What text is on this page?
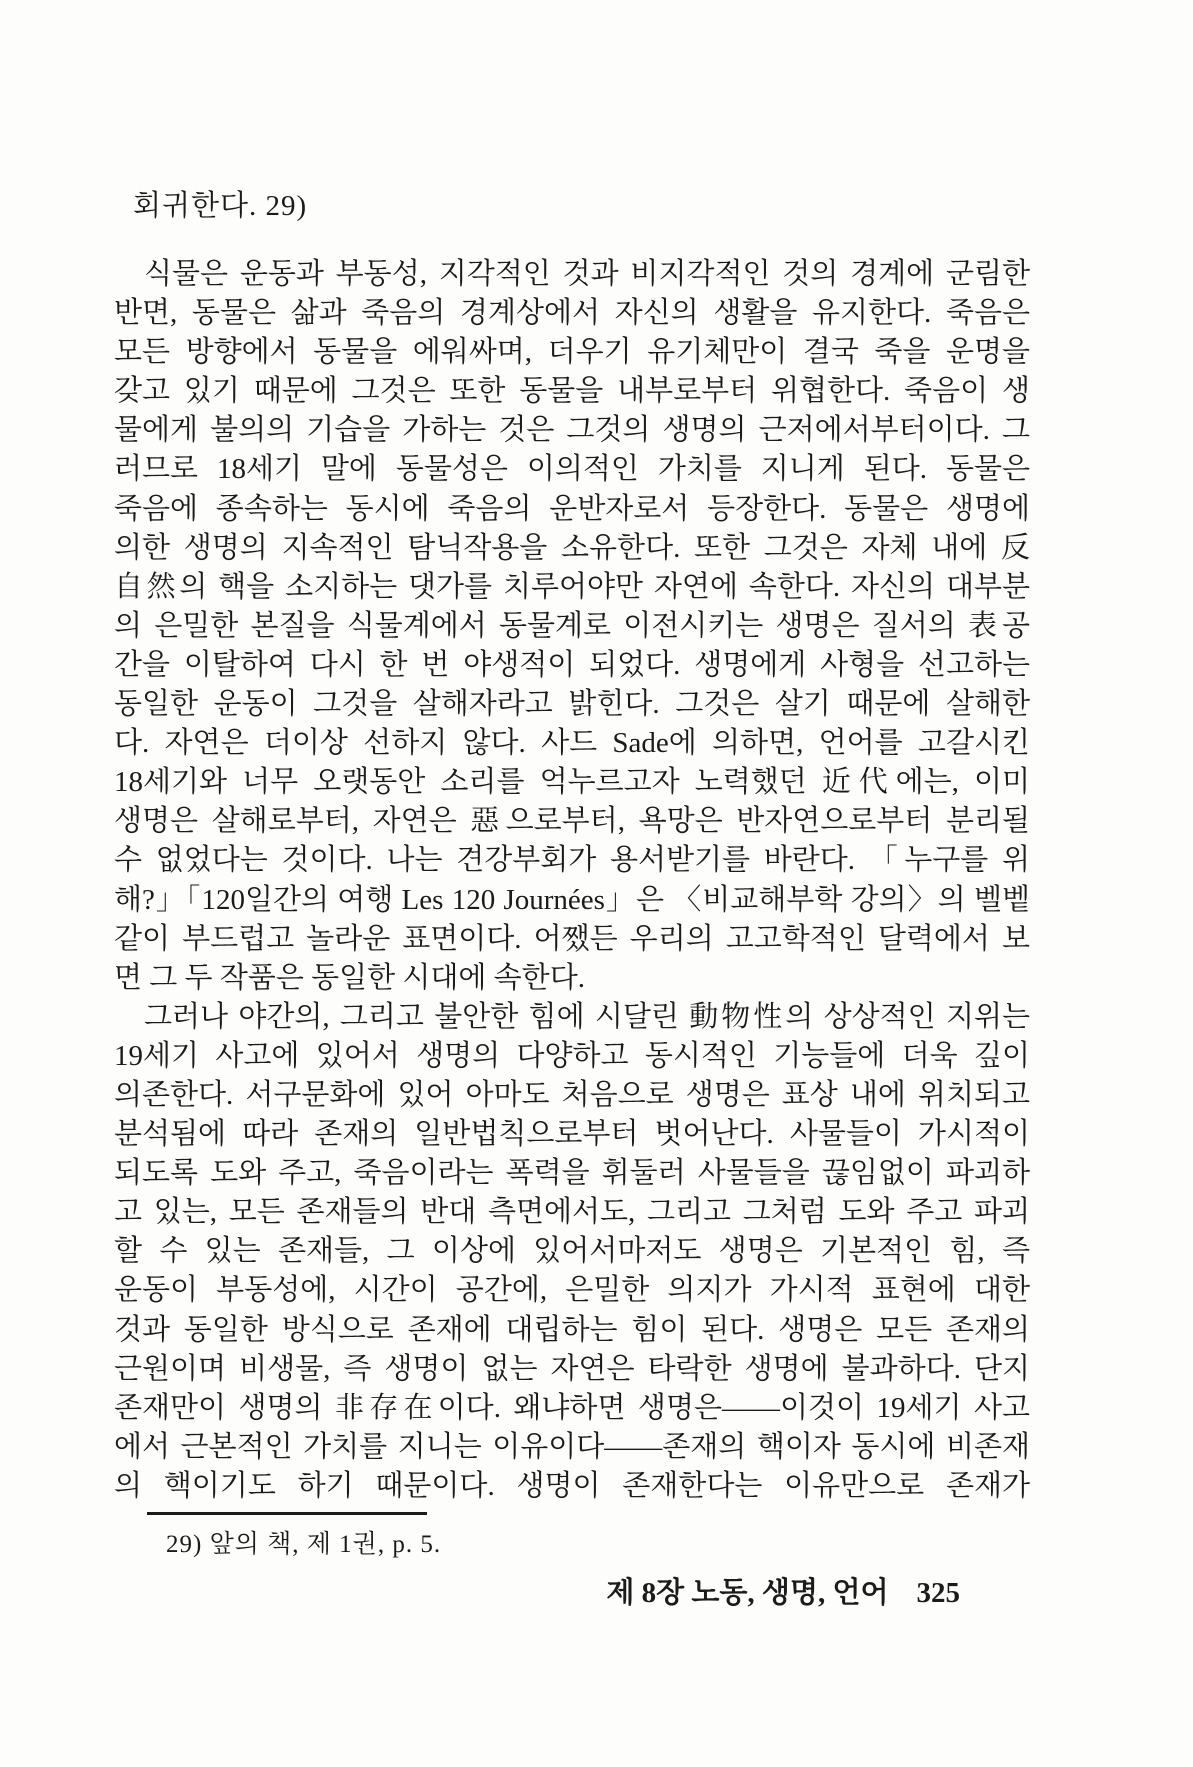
회귀한다. 29)
식물은 운동과 부동성, 지각적인 것과 비지각적인 것의 경계에 군림한
반면, 동물은 삶과 죽음의 경계상에서 자신의 생활을 유지한다. 죽음은
모든 방향에서 동물을 에워싸며, 더우기 유기체만이 결국 죽을 운명을
갖고 있기 때문에 그것은 또한 동물을 내부로부터 위협한다. 죽음이 생
물에게 불의의 기습을 가하는 것은 그것의 생명의 근저에서부터이다. 그
러므로 18세기 말에 동물성은 이의적인 가치를 지니게 된다. 동물은
죽음에 종속하는 동시에 죽음의 운반자로서 등장한다. 동물은 생명에
의한 생명의 지속적인 탐닉작용을 소유한다. 또한 그것은 자체 내에 反
自然의 핵을 소지하는 댓가를 치루어야만 자연에 속한다. 자신의 대부분
의 은밀한 본질을 식물계에서 동물계로 이전시키는 생명은 질서의 表공
간을 이탈하여 다시 한 번 야생적이 되었다. 생명에게 사형을 선고하는
동일한 운동이 그것을 살해자라고 밝힌다. 그것은 살기 때문에 살해한
다. 자연은 더이상 선하지 않다. 사드 Sade에 의하면, 언어를 고갈시킨
18세기와 너무 오랫동안 소리를 억누르고자 노력했던 近代에는, 이미
생명은 살해로부터, 자연은 惡으로부터, 욕망은 반자연으로부터 분리될
수 없었다는 것이다. 나는 견강부회가 용서받기를 바란다. 「누구를 위
해?」「120일간의 여행 Les 120 Journées」은 〈비교해부학 강의〉의 벨벹
같이 부드럽고 놀라운 표면이다. 어쨌든 우리의 고고학적인 달력에서 보
면 그 두 작품은 동일한 시대에 속한다.
그러나 야간의, 그리고 불안한 힘에 시달린 動物性의 상상적인 지위는
19세기 사고에 있어서 생명의 다양하고 동시적인 기능들에 더욱 깊이
의존한다. 서구문화에 있어 아마도 처음으로 생명은 표상 내에 위치되고
분석됨에 따라 존재의 일반법칙으로부터 벗어난다. 사물들이 가시적이
되도록 도와 주고, 죽음이라는 폭력을 휘둘러 사물들을 끊임없이 파괴하
고 있는, 모든 존재들의 반대 측면에서도, 그리고 그처럼 도와 주고 파괴
할 수 있는 존재들, 그 이상에 있어서마저도 생명은 기본적인 힘, 즉
운동이 부동성에, 시간이 공간에, 은밀한 의지가 가시적 표현에 대한
것과 동일한 방식으로 존재에 대립하는 힘이 된다. 생명은 모든 존재의
근원이며 비생물, 즉 생명이 없는 자연은 타락한 생명에 불과하다. 단지
존재만이 생명의 非存在이다. 왜냐하면 생명은——이것이 19세기 사고
에서 근본적인 가치를 지니는 이유이다——존재의 핵이자 동시에 비존재
의 핵이기도 하기 때문이다. 생명이 존재한다는 이유만으로 존재가
29) 앞의 책, 제 1권, p. 5.
제 8장 노동, 생명, 언어 325
